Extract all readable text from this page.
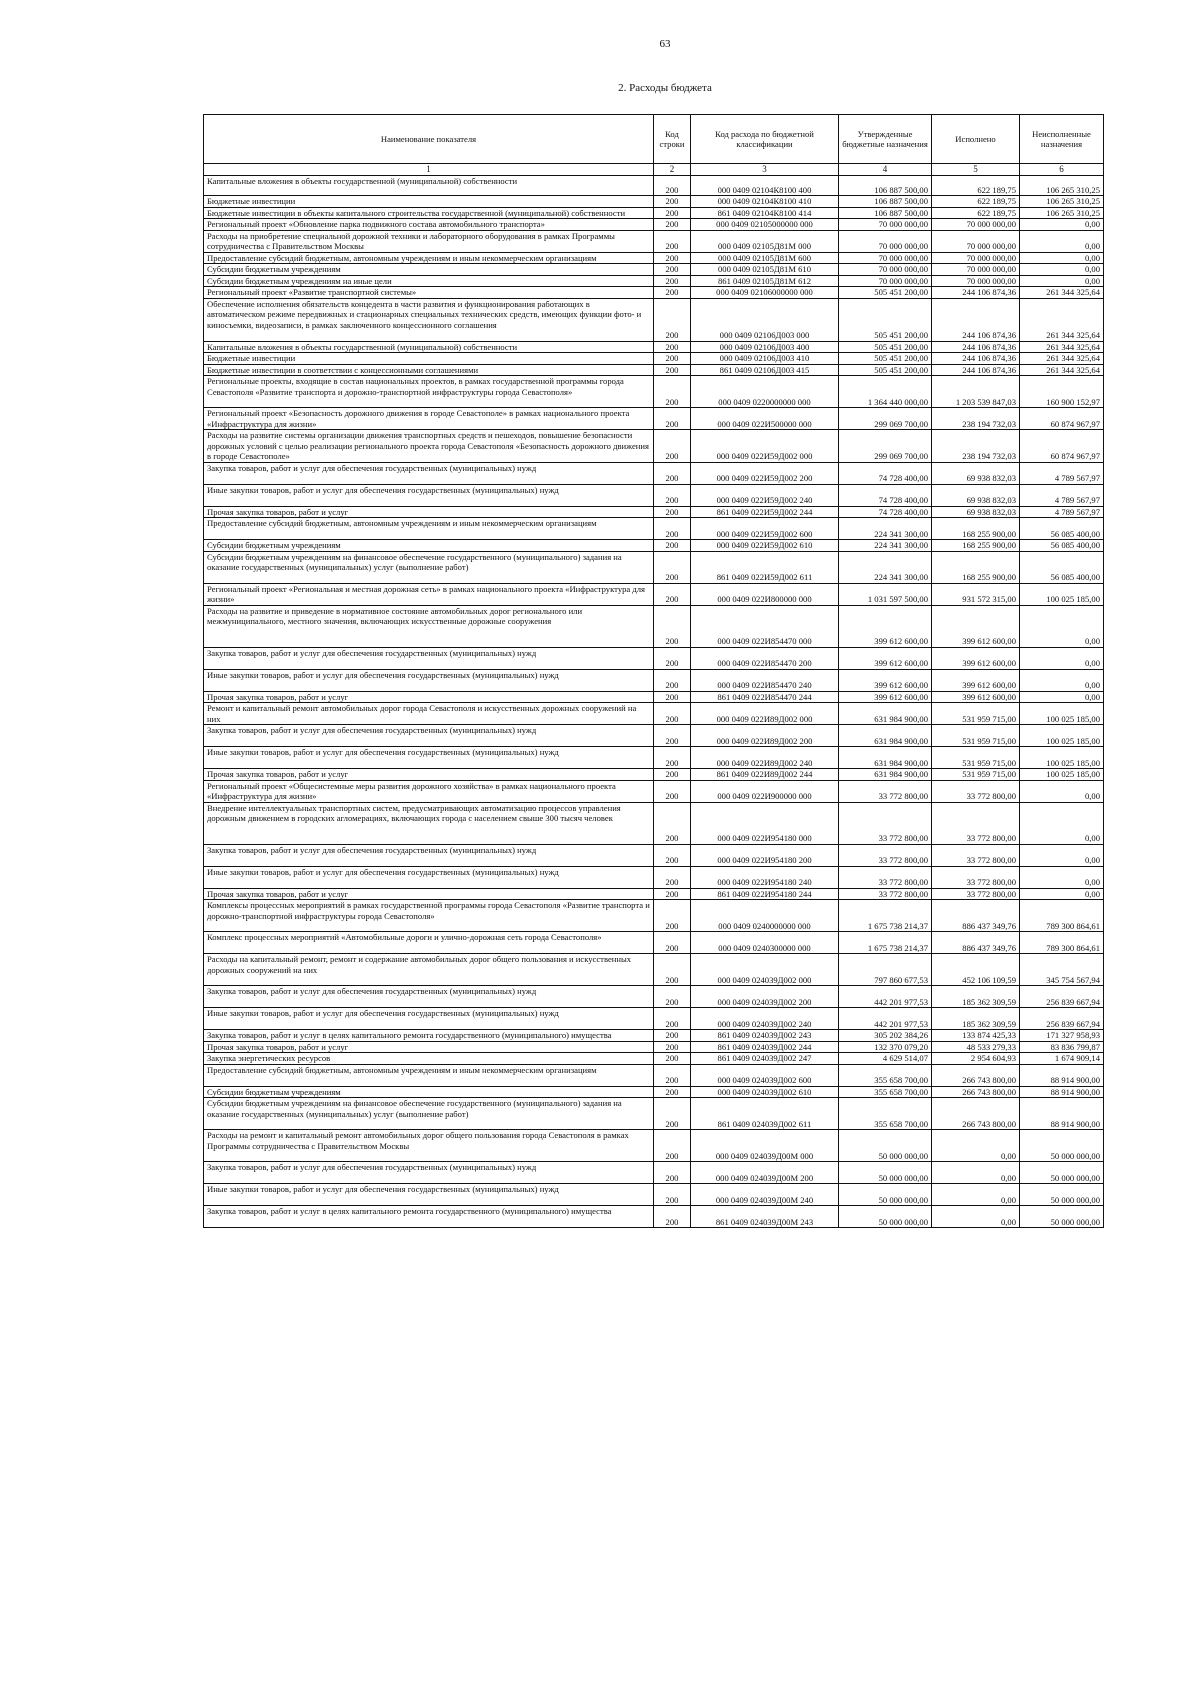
63
2. Расходы бюджета
Наименование показателя	Код строки	Код расхода по бюджетной классификации	Утвержденные бюджетные назначения	Исполнено	Неисполненные назначения
1	2	3	4	5	6
Капитальные вложения в объекты государственной (муниципальной) собственности	200	000 0409 02104К8100 400	106 887 500,00	622 189,75	106 265 310,25
Бюджетные инвестиции	200	000 0409 02104К8100 410	106 887 500,00	622 189,75	106 265 310,25
Бюджетные инвестиции в объекты капитального строительства государственной (муниципальной) собственности	200	861 0409 02104К8100 414	106 887 500,00	622 189,75	106 265 310,25
Региональный проект «Обновление парка подвижного состава автомобильного транспорта»	200	000 0409 02105000000 000	70 000 000,00	70 000 000,00	0,00
Расходы на приобретение специальной дорожной техники и лабораторного оборудования в рамках Программы сотрудничества с Правительством Москвы	200	000 0409 02105Д81М 000	70 000 000,00	70 000 000,00	0,00
Предоставление субсидий бюджетным, автономным учреждениям и иным некоммерческим организациям	200	000 0409 02105Д81М 600	70 000 000,00	70 000 000,00	0,00
Субсидии бюджетным учреждениям	200	000 0409 02105Д81М 610	70 000 000,00	70 000 000,00	0,00
Субсидии бюджетным учреждениям на иные цели	200	861 0409 02105Д81М 612	70 000 000,00	70 000 000,00	0,00
Региональный проект «Развитие транспортной системы»	200	000 0409 02106000000 000	505 451 200,00	244 106 874,36	261 344 325,64
Обеспечение исполнения обязательств концедента в части развития и функционирования работающих в автоматическом режиме передвижных и стационарных специальных технических средств, имеющих функции фото- и киносъемки, видеозаписи, в рамках заключенного концессионного соглашения	200	000 0409 02106Д003 000	505 451 200,00	244 106 874,36	261 344 325,64
Капитальные вложения в объекты государственной (муниципальной) собственности	200	000 0409 02106Д003 400	505 451 200,00	244 106 874,36	261 344 325,64
Бюджетные инвестиции	200	000 0409 02106Д003 410	505 451 200,00	244 106 874,36	261 344 325,64
Бюджетные инвестиции в соответствии с концессионными соглашениями	200	861 0409 02106Д003 415	505 451 200,00	244 106 874,36	261 344 325,64
Региональные проекты, входящие в состав национальных проектов, в рамках государственной программы города Севастополя «Развитие транспорта и дорожно-транспортной инфраструктуры города Севастополя»	200	000 0409 0220000000 000	1 364 440 000,00	1 203 539 847,03	160 900 152,97
Региональный проект «Безопасность дорожного движения в городе Севастополе» в рамках национального проекта «Инфраструктура для жизни»	200	000 0409 022И500000 000	299 069 700,00	238 194 732,03	60 874 967,97
Расходы на развитие системы организации движения транспортных средств и пешеходов, повышение безопасности дорожных условий с целью реализации регионального проекта города Севастополя «Безопасность дорожного движения в городе Севастополе»	200	000 0409 022И59Д002 000	299 069 700,00	238 194 732,03	60 874 967,97
Закупка товаров, работ и услуг для обеспечения государственных (муниципальных) нужд	200	000 0409 022И59Д002 200	74 728 400,00	69 938 832,03	4 789 567,97
Иные закупки товаров, работ и услуг для обеспечения государственных (муниципальных) нужд	200	000 0409 022И59Д002 240	74 728 400,00	69 938 832,03	4 789 567,97
Прочая закупка товаров, работ и услуг	200	861 0409 022И59Д002 244	74 728 400,00	69 938 832,03	4 789 567,97
Предоставление субсидий бюджетным, автономным учреждениям и иным некоммерческим организациям	200	000 0409 022И59Д002 600	224 341 300,00	168 255 900,00	56 085 400,00
Субсидии бюджетным учреждениям	200	000 0409 022И59Д002 610	224 341 300,00	168 255 900,00	56 085 400,00
Субсидии бюджетным учреждениям на финансовое обеспечение государственного (муниципального) задания на оказание государственных (муниципальных) услуг (выполнение работ)	200	861 0409 022И59Д002 611	224 341 300,00	168 255 900,00	56 085 400,00
Региональный проект «Региональная и местная дорожная сеть» в рамках национального проекта «Инфраструктура для жизни»	200	000 0409 022И800000 000	1 031 597 500,00	931 572 315,00	100 025 185,00
Расходы на развитие и приведение в нормативное состояние автомобильных дорог регионального или межмуниципального, местного значения, включающих искусственные дорожные сооружения	200	000 0409 022И854470 000	399 612 600,00	399 612 600,00	0,00
Закупка товаров, работ и услуг для обеспечения государственных (муниципальных) нужд	200	000 0409 022И854470 200	399 612 600,00	399 612 600,00	0,00
Иные закупки товаров, работ и услуг для обеспечения государственных (муниципальных) нужд	200	000 0409 022И854470 240	399 612 600,00	399 612 600,00	0,00
Прочая закупка товаров, работ и услуг	200	861 0409 022И854470 244	399 612 600,00	399 612 600,00	0,00
Ремонт и капитальный ремонт автомобильных дорог города Севастополя и искусственных дорожных сооружений на них	200	000 0409 022И89Д002 000	631 984 900,00	531 959 715,00	100 025 185,00
Закупка товаров, работ и услуг для обеспечения государственных (муниципальных) нужд	200	000 0409 022И89Д002 200	631 984 900,00	531 959 715,00	100 025 185,00
Иные закупки товаров, работ и услуг для обеспечения государственных (муниципальных) нужд	200	000 0409 022И89Д002 240	631 984 900,00	531 959 715,00	100 025 185,00
Прочая закупка товаров, работ и услуг	200	861 0409 022И89Д002 244	631 984 900,00	531 959 715,00	100 025 185,00
Региональный проект «Общесистемные меры развития дорожного хозяйства» в рамках национального проекта «Инфраструктура для жизни»	200	000 0409 022И900000 000	33 772 800,00	33 772 800,00	0,00
Внедрение интеллектуальных транспортных систем, предусматривающих автоматизацию процессов управления дорожным движением в городских агломерациях, включающих города с населением свыше 300 тысяч человек	200	000 0409 022И954180 000	33 772 800,00	33 772 800,00	0,00
Закупка товаров, работ и услуг для обеспечения государственных (муниципальных) нужд	200	000 0409 022И954180 200	33 772 800,00	33 772 800,00	0,00
Иные закупки товаров, работ и услуг для обеспечения государственных (муниципальных) нужд	200	000 0409 022И954180 240	33 772 800,00	33 772 800,00	0,00
Прочая закупка товаров, работ и услуг	200	861 0409 022И954180 244	33 772 800,00	33 772 800,00	0,00
Комплексы процессных мероприятий в рамках государственной программы города Севастополя «Развитие транспорта и дорожно-транспортной инфраструктуры города Севастополя»	200	000 0409 0240000000 000	1 675 738 214,37	886 437 349,76	789 300 864,61
Комплекс процессных мероприятий «Автомобильные дороги и улично-дорожная сеть города Севастополя»	200	000 0409 0240300000 000	1 675 738 214,37	886 437 349,76	789 300 864,61
Расходы на капитальный ремонт, ремонт и содержание автомобильных дорог общего пользования и искусственных дорожных сооружений на них	200	000 0409 024039Д002 000	797 860 677,53	452 106 109,59	345 754 567,94
Закупка товаров, работ и услуг для обеспечения государственных (муниципальных) нужд	200	000 0409 024039Д002 200	442 201 977,53	185 362 309,59	256 839 667,94
Иные закупки товаров, работ и услуг для обеспечения государственных (муниципальных) нужд	200	000 0409 024039Д002 240	442 201 977,53	185 362 309,59	256 839 667,94
Закупка товаров, работ и услуг в целях капитального ремонта государственного (муниципального) имущества	200	861 0409 024039Д002 243	305 202 384,26	133 874 425,33	171 327 958,93
Прочая закупка товаров, работ и услуг	200	861 0409 024039Д002 244	132 370 079,20	48 533 279,33	83 836 799,87
Закупка энергетических ресурсов	200	861 0409 024039Д002 247	4 629 514,07	2 954 604,93	1 674 909,14
Предоставление субсидий бюджетным, автономным учреждениям и иным некоммерческим организациям	200	000 0409 024039Д002 600	355 658 700,00	266 743 800,00	88 914 900,00
Субсидии бюджетным учреждениям	200	000 0409 024039Д002 610	355 658 700,00	266 743 800,00	88 914 900,00
Субсидии бюджетным учреждениям на финансовое обеспечение государственного (муниципального) задания на оказание государственных (муниципальных) услуг (выполнение работ)	200	861 0409 024039Д002 611	355 658 700,00	266 743 800,00	88 914 900,00
Расходы на ремонт и капитальный ремонт автомобильных дорог общего пользования города Севастополя в рамках Программы сотрудничества с Правительством Москвы	200	000 0409 024039Д00М 000	50 000 000,00	0,00	50 000 000,00
Закупка товаров, работ и услуг для обеспечения государственных (муниципальных) нужд	200	000 0409 024039Д00М 200	50 000 000,00	0,00	50 000 000,00
Иные закупки товаров, работ и услуг для обеспечения государственных (муниципальных) нужд	200	000 0409 024039Д00М 240	50 000 000,00	0,00	50 000 000,00
Закупка товаров, работ и услуг в целях капитального ремонта государственного (муниципального) имущества	200	861 0409 024039Д00М 243	50 000 000,00	0,00	50 000 000,00
